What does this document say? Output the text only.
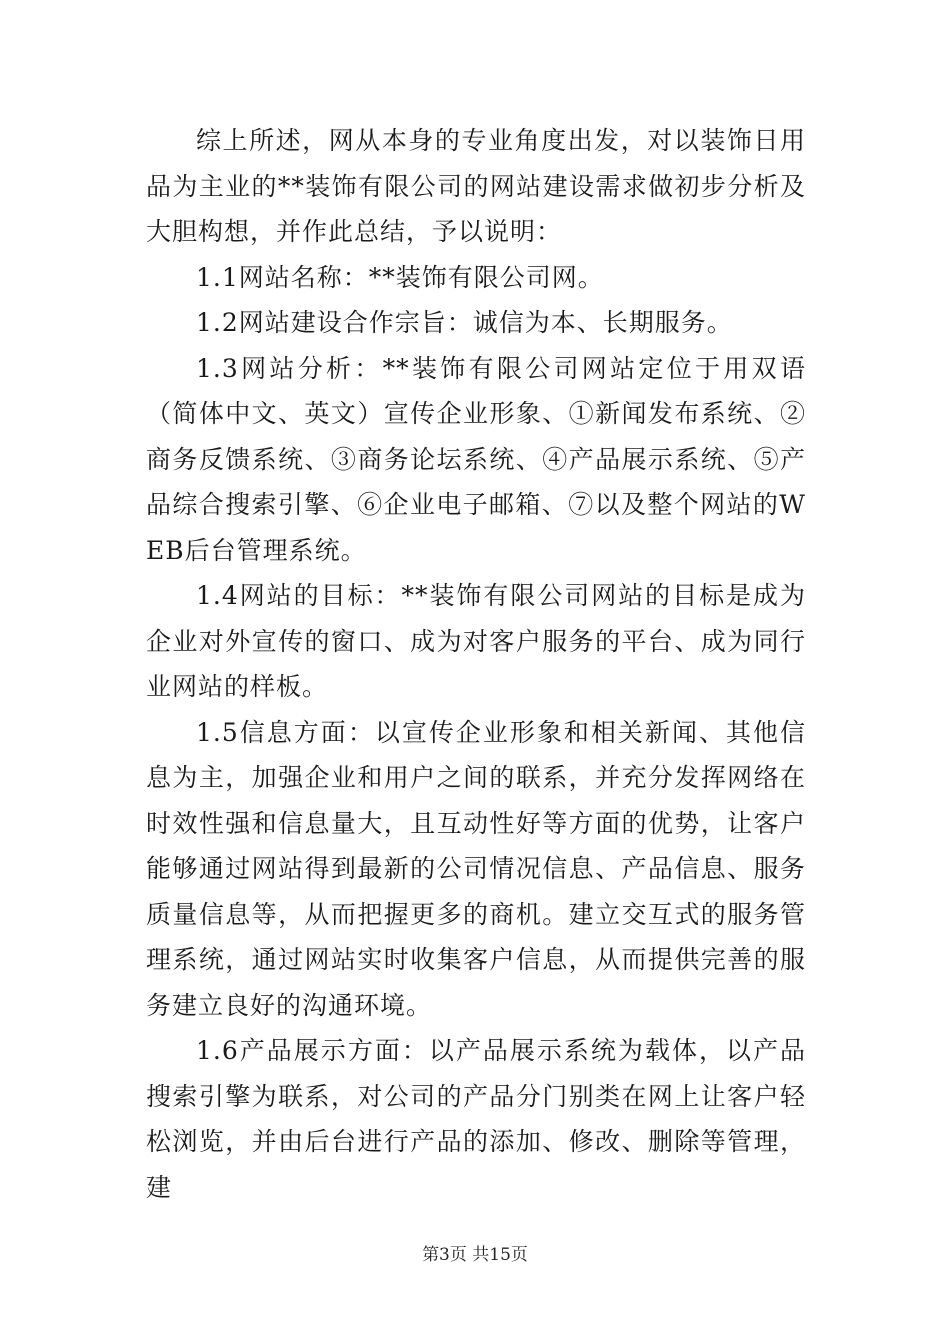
综上所述，网从本身的专业角度出发，对以装饰日用品为主业的**装饰有限公司的网站建设需求做初步分析及大胆构想，并作此总结，予以说明：

1.1网站名称：**装饰有限公司网。

1.2网站建设合作宗旨：诚信为本、长期服务。

1.3网站分析：**装饰有限公司网站定位于用双语（简体中文、英文）宣传企业形象、①新闻发布系统、②商务反馈系统、③商务论坛系统、④产品展示系统、⑤产品综合搜索引擎、⑥企业电子邮箱、⑦以及整个网站的WEB后台管理系统。

1.4网站的目标：**装饰有限公司网站的目标是成为企业对外宣传的窗口、成为对客户服务的平台、成为同行业网站的样板。

1.5信息方面：以宣传企业形象和相关新闻、其他信息为主，加强企业和用户之间的联系，并充分发挥网络在时效性强和信息量大，且互动性好等方面的优势，让客户能够通过网站得到最新的公司情况信息、产品信息、服务质量信息等，从而把握更多的商机。建立交互式的服务管理系统，通过网站实时收集客户信息，从而提供完善的服务建立良好的沟通环境。

1.6产品展示方面：以产品展示系统为载体，以产品搜索引擎为联系，对公司的产品分门别类在网上让客户轻松浏览，并由后台进行产品的添加、修改、删除等管理，建

第3页 共15页
